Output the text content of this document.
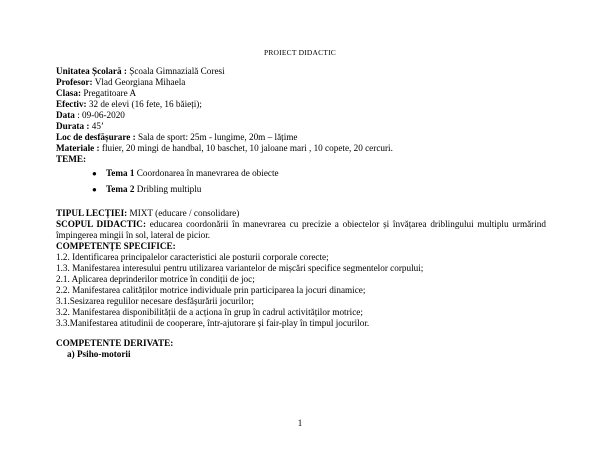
PROIECT DIDACTIC
Unitatea Școlară : Școala Gimnazială Coresi
Profesor: Vlad Georgiana Mihaela
Clasa: Pregatitoare A
Efectiv: 32 de elevi (16 fete, 16 băieți);
Data : 09-06-2020
Durata : 45’
Loc de desfășurare : Sala de sport: 25m - lungime, 20m – lățime
Materiale : fluier, 20 mingi de handbal, 10 baschet, 10 jaloane mari , 10 copete, 20 cercuri.
TEME:
● Tema 1 Coordonarea în manevrarea de obiecte
● Tema 2 Dribling multiplu
TIPUL LECȚIEI: MIXT (educare / consolidare)
SCOPUL DIDACTIC: educarea coordonării în manevrarea cu precizie a obiectelor și învățarea driblingului multiplu urmărind împingerea mingii în sol, lateral de picior.
COMPETENȚE SPECIFICE:
1.2. Identificarea principalelor caracteristici ale posturii corporale corecte;
1.3. Manifestarea interesului pentru utilizarea variantelor de mișcări specifice segmentelor corpului;
2.1. Aplicarea deprinderilor motrice în condiții de joc;
2.2. Manifestarea calităților motrice individuale prin participarea la jocuri dinamice;
3.1.Sesizarea regulilor necesare desfășurării jocurilor;
3.2. Manifestarea disponibilității de a acționa în grup în cadrul activităților motrice;
3.3.Manifestarea atitudinii de cooperare, într-ajutorare și fair-play în timpul jocurilor.
COMPETENTE DERIVATE:
a) Psiho-motorii
1
